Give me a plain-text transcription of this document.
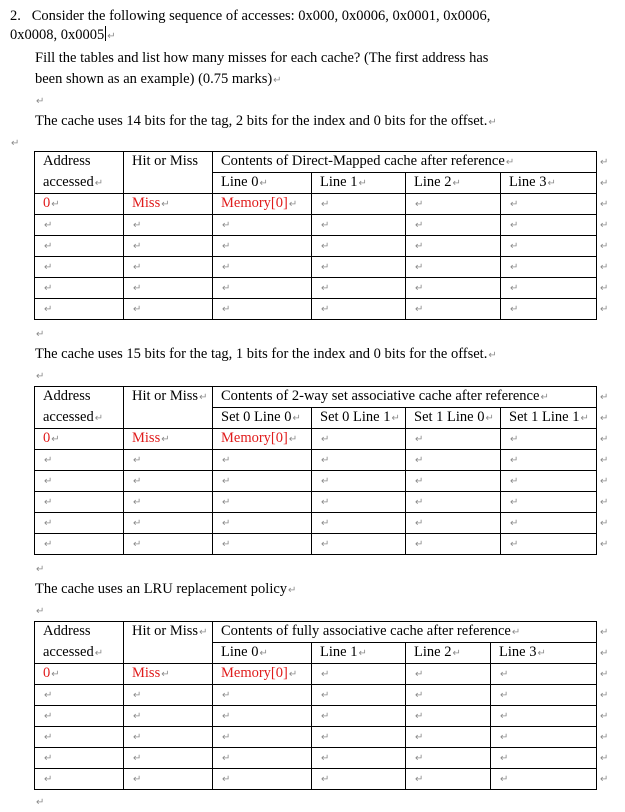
2. Consider the following sequence of accesses: 0x000, 0x0006, 0x0001, 0x0006,
0x0008, 0x0005↵
Fill the tables and list how many misses for each cache? (The first address has
been shown as an example) (0.75 marks)↵
↵
The cache uses 14 bits for the tag, 2 bits for the index and 0 bits for the offset.↵
↵
Address	Hit or Miss	Contents of Direct-Mapped cache after reference↵
accessed↵		Line 0↵	Line 1↵	Line 2↵	Line 3↵
0↵	Miss↵	Memory[0]↵	↵	↵	↵
↵	↵	↵	↵	↵	↵
↵	↵	↵	↵	↵	↵
↵	↵	↵	↵	↵	↵
↵	↵	↵	↵	↵	↵
↵	↵	↵	↵	↵	↵
↵
The cache uses 15 bits for the tag, 1 bits for the index and 0 bits for the offset.↵
↵
Address	Hit or Miss↵	Contents of 2-way set associative cache after reference↵
accessed↵		Set 0 Line 0↵	Set 0 Line 1↵	Set 1 Line 0↵	Set 1 Line 1↵
0↵	Miss↵	Memory[0]↵	↵	↵	↵
↵	↵	↵	↵	↵	↵
↵	↵	↵	↵	↵	↵
↵	↵	↵	↵	↵	↵
↵	↵	↵	↵	↵	↵
↵	↵	↵	↵	↵	↵
↵
The cache uses an LRU replacement policy↵
↵
Address	Hit or Miss↵	Contents of fully associative cache after reference↵
accessed↵		Line 0↵	Line 1↵	Line 2↵	Line 3↵
0↵	Miss↵	Memory[0]↵	↵	↵	↵
↵	↵	↵	↵	↵	↵
↵	↵	↵	↵	↵	↵
↵	↵	↵	↵	↵	↵
↵	↵	↵	↵	↵	↵
↵	↵	↵	↵	↵	↵
↵
↵
↵
↵
↵
↵
↵
↵
↵
↵
↵
↵
↵
↵
↵
↵
↵
↵
↵
↵
↵
↵
↵
↵
↵
